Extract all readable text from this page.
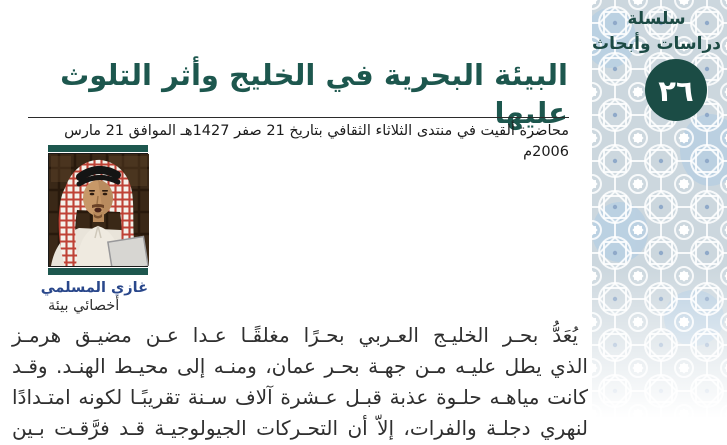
سلسلة
دراسات وأبحاث
٢٦
البيئة البحرية في الخليج وأثر التلوث عليها

محاضرة ألقيت في منتدى الثلاثاء الثقافي بتاريخ 21 صفر 1427هـ الموافق 21 مارس 2006م

غازي المسلمي
أخصائي بيئة

يُعَدُّ بحـر الخليـج العـربي بحـرًا مغلقًـا عـدا عـن مضيـق هرمـز

الذي يطل عليـه مـن جهـة بحـر عمان، ومنـه إلى محيـط الهنـد. وقـد

كانت مياهـه حلـوة عذبة قبـل عـشرة آلاف سـنة تقريبًـا لكونه امتـدادًا

لنهري دجلـة والفرات، إلاّ أن التحـركات الجيولوجيـة قـد فرَّقـت بـين
